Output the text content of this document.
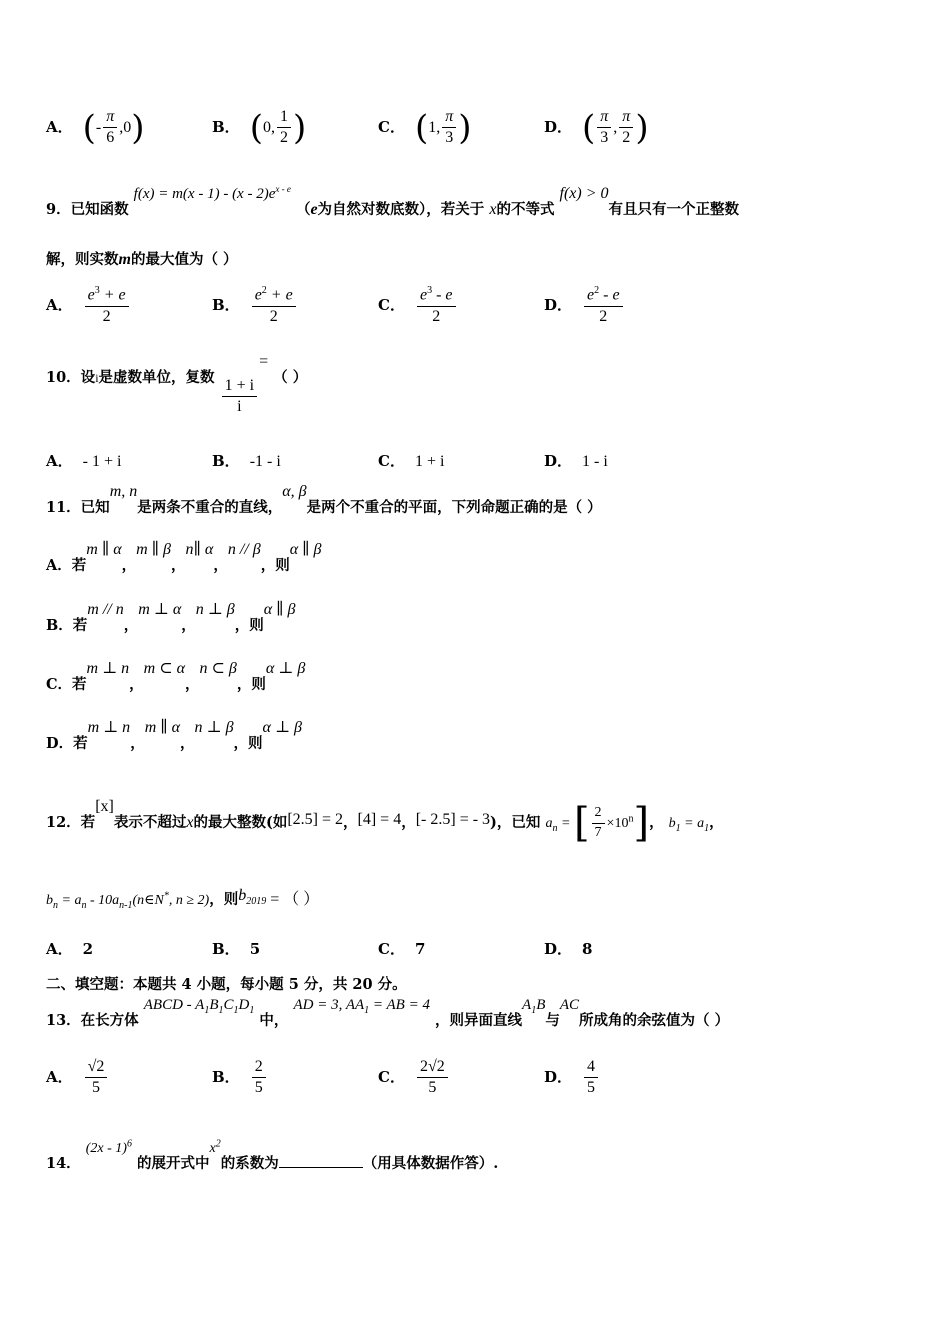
A． (- $\frac{\pi}{6} ,0$)	B． (0, $\frac{1}{2}$ )	C． (1, $\frac{\pi}{3}$ )	D． ( $\frac{\pi}{3}$ , $\frac{\pi}{2}$ )
9．已知函数 $f(x) = m(x - 1) - (x - 2)e^{x - e}$ （e为自然对数底数），若关于 x的不等式 f(x) > 0有且只有一个正整数
解，则实数m的最大值为（ ）
A． $\frac{e^3 + e}{2}$	B． $\frac{e^2 + e}{2}$	C． $\frac{e^3 - e}{2}$	D． $\frac{e^2 - e}{2}$
10．设i是虚数单位，复数 $\frac{1 + i}{i}$
= （ ）
A． - 1 + i	B． -1 - i	C． 1 + i	D． 1 - i
11．已知m, n是两条不重合的直线，α, β是两个不重合的平面，下列命题正确的是（ ）
A．若m ∥ α，m ∥ β，n∥ α，n // β，则α ∥ β
B．若m // n，m ⊥ α，n ⊥ β，则α ∥ β
C．若m ⊥ n，m ⊂ α，n ⊂ β，则α ⊥ β
D．若m ⊥ n，m ∥ α，n ⊥ β，则α ⊥ β
12．若[x]表示不超过x的最大整数(如[2.5] = 2，[4] = 4，[- 2.5] = - 3)，已知 $a_n$ = [ $\frac{2}{7} \times 10^n$]， $b_1 = a_1$，
$b_n = a_n$ - $10a_{n-1}(n\in N^*$, n ≥ 2)，则$b_{2019}$ = （ ）
A． 2	B． 5	C． 7	D． 8
二、填空题：本题共 4 小题，每小题 5 分，共 20 分。
13．在长方体 ABCD - $A_1B_1C_1D_1$ 中， AD = 3, $AA_1$ = AB = 4 ，则异面直线$A_1B$与AC所成角的余弦值为（ ）
A． $\frac{√2}{5}$	B． $\frac{2}{5}$	C． $\frac{2√2}{5}$	D． $\frac{4}{5}$
14． (2x - 1)$^6$ 的展开式中$x^2$的系数为	（用具体数据作答）.
